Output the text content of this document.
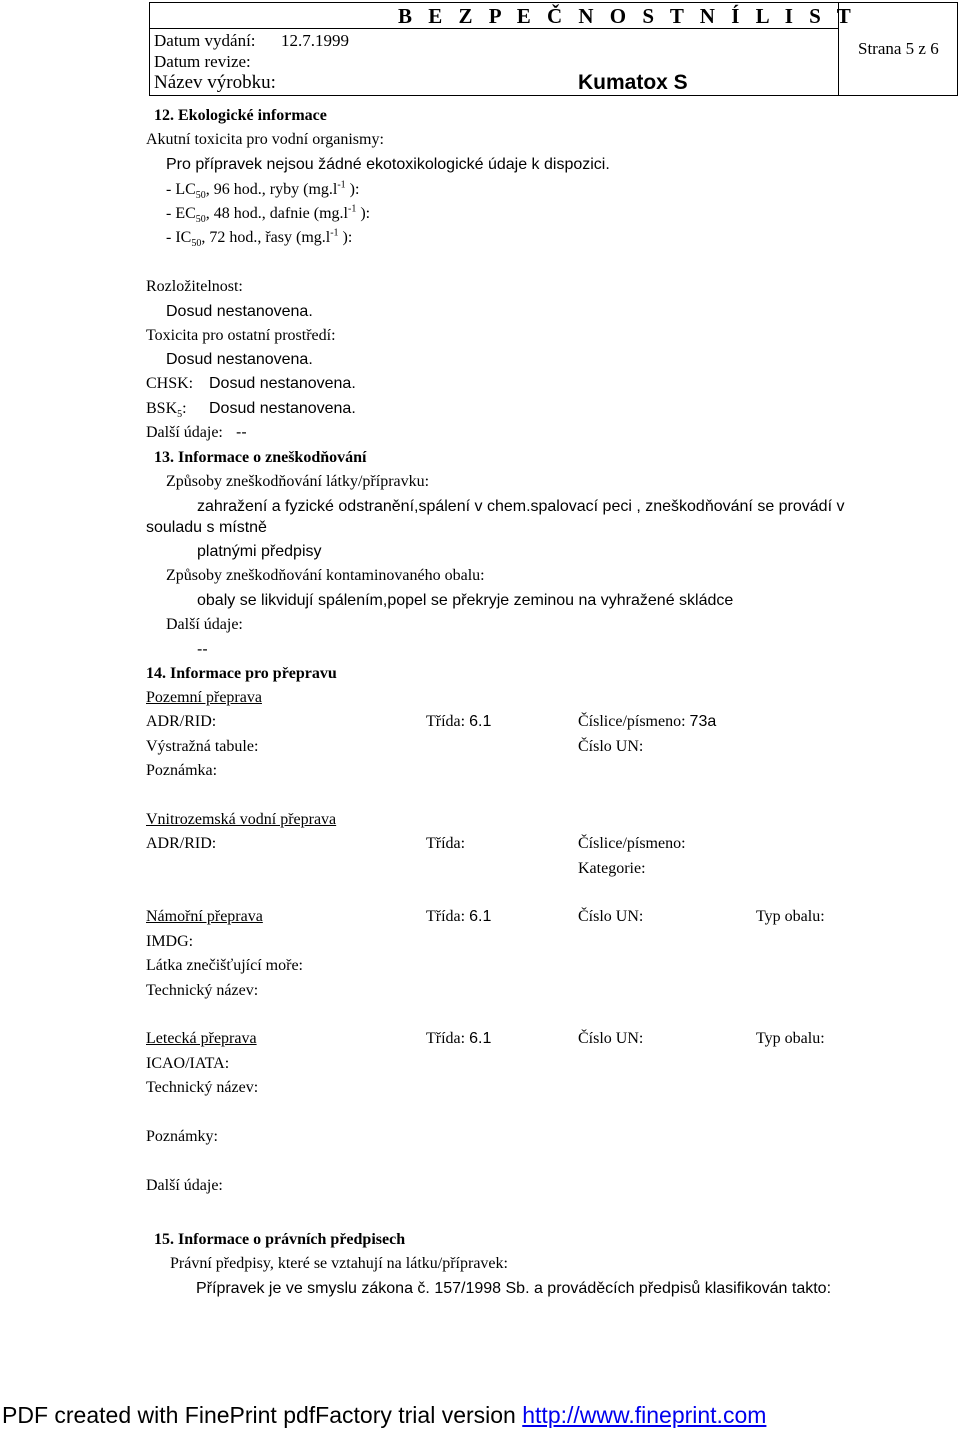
B E Z P E Č N O S T N Í L I S T
Datum vydání: 12.7.1999
Datum revize:
Název výrobku:	Kumatox S
Strana 5 z 6
12. Ekologické informace
Akutní toxicita pro vodní organismy:
Pro přípravek nejsou žádné ekotoxikologické údaje k dispozici.
- $LC_{50}$, 96 hod., ryby ($mg.l^{-1}$ ):
- $EC_{50}$, 48 hod., dafnie ($mg.l^{-1}$ ):
- $IC_{50}$, 72 hod., řasy ($mg.l^{-1}$ ):
Rozložitelnost:
Dosud nestanovena.
Toxicita pro ostatní prostředí:
Dosud nestanovena.
CHSK: Dosud nestanovena.
$BSK_5$: Dosud nestanovena.
Další údaje: --
13. Informace o zneškodňování
Způsoby zneškodňování látky/přípravku:
zahražení a fyzické odstranění,spálení v chem.spalovací peci , zneškodňování se provádí v
souladu s místně
platnými předpisy
Způsoby zneškodňování kontaminovaného obalu:
obaly se likvidují spálením,popel se překryje zeminou na vyhražené skládce
Další údaje:
--
14. Informace pro přepravu
Pozemní přeprava
ADR/RID:	Třída: 6.1	Číslice/písmeno: 73a
Výstražná tabule:	Číslo UN:
Poznámka:
Vnitrozemská vodní přeprava
ADR/RID:	Třída:	Číslice/písmeno:
Kategorie:
Námořní přeprava	Třída: 6.1	Číslo UN:	Typ obalu:
IMDG:
Látka znečišťující moře:
Technický název:
Letecká přeprava	Třída: 6.1	Číslo UN:	Typ obalu:
ICAO/IATA:
Technický název:
Poznámky:
Další údaje:
15. Informace o právních předpisech
Právní předpisy, které se vztahují na látku/přípravek:
Přípravek je ve smyslu zákona č. 157/1998 Sb. a prováděcích předpisů klasifikován takto:
PDF created with FinePrint pdfFactory trial version http://www.fineprint.com
